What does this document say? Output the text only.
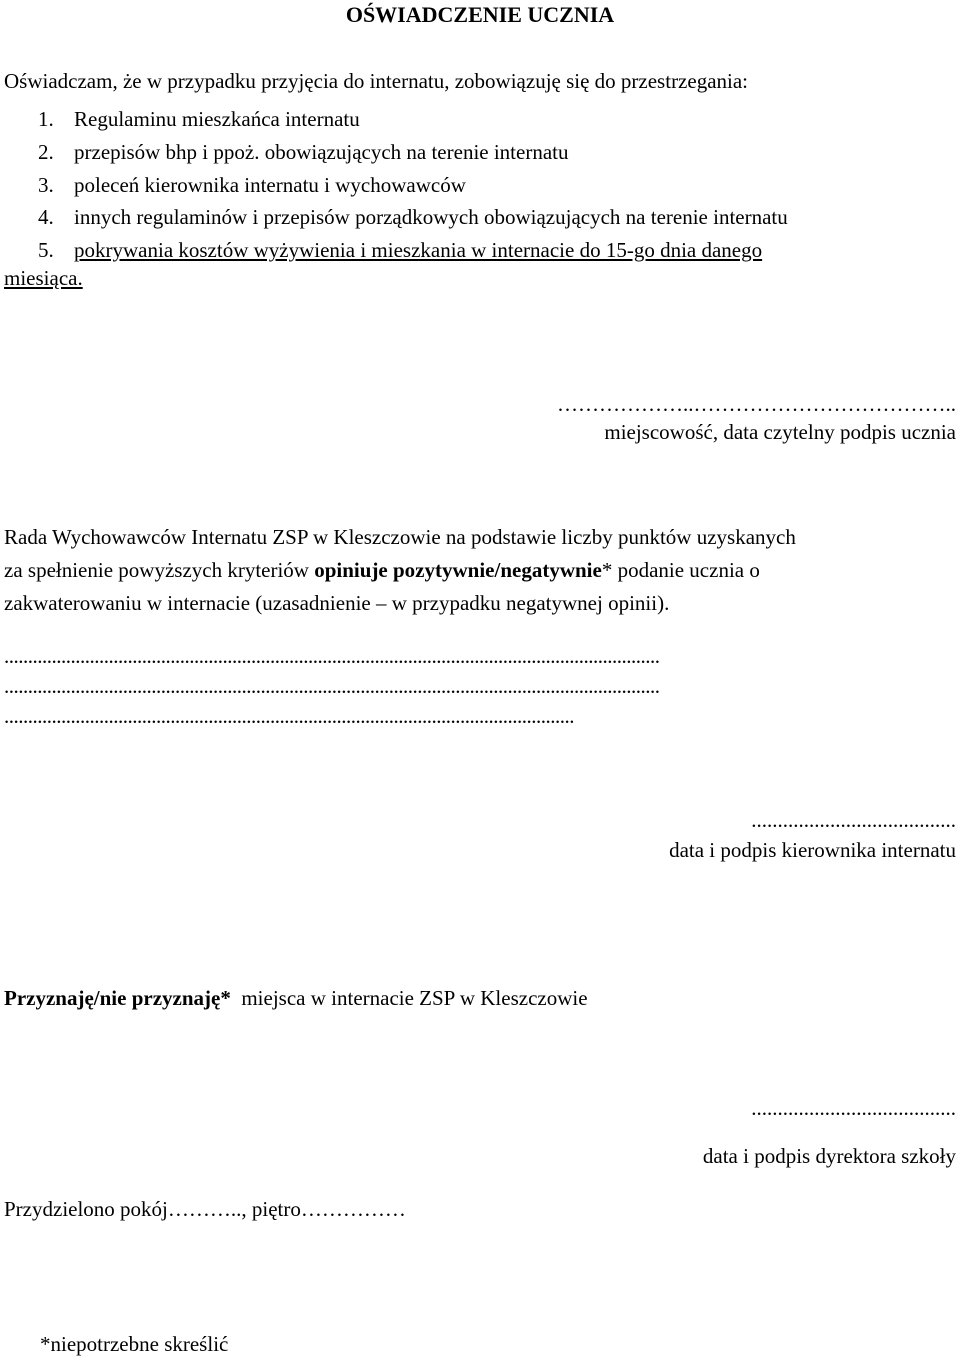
OŚWIADCZENIE UCZNIA
Oświadczam, że w przypadku przyjęcia do internatu, zobowiązuję się do przestrzegania:
1. Regulaminu mieszkańca internatu
2. przepisów bhp i ppoż. obowiązujących na terenie internatu
3. poleceń kierownika internatu i wychowawców
4. innych regulaminów i przepisów porządkowych obowiązujących na terenie internatu
5. pokrywania kosztów wyżywienia i mieszkania w internacie do 15-go dnia danego
miesiąca.
………………..………………………………..
miejscowość, data czytelny podpis ucznia
Rada Wychowawców Internatu ZSP w Kleszczowie na podstawie liczby punktów uzyskanych
za spełnienie powyższych kryteriów opiniuje pozytywnie/negatywnie* podanie ucznia o
zakwaterowaniu w internacie (uzasadnienie – w przypadku negatywnej opinii).
..........................................................................................................................................
..........................................................................................................................................
........................................................................................................................
.......................................
data i podpis kierownika internatu
Przyznaję/nie przyznaję*  miejsca w internacie ZSP w Kleszczowie
.......................................
data i podpis dyrektora szkoły
Przydzielono pokój……….., piętro……………
*niepotrzebne skreślić
